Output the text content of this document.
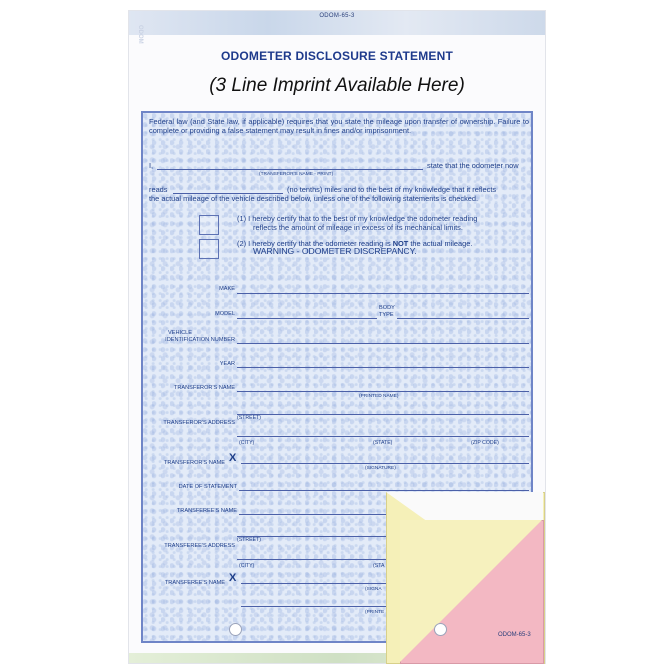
ODOM-65-3
ODOM
ODOMETER DISCLOSURE STATEMENT
(3 Line Imprint Available Here)
Federal law (and State law, if applicable) requires that you state the mileage upon transfer of ownership. Failure to complete or providing a false statement may result in fines and/or imprisonment.
I,
(TRANSFEROR'S NAME - PRINT)
state that the odometer now
reads	(no tenths) miles and to the best of my knowledge that it reflects
the actual mileage of the vehicle described below, unless one of the following statements is checked.
(1) I hereby certify that to the best of my knowledge the odometer reading
reflects the amount of mileage in excess of its mechanical limits.
(2) I hereby certify that the odometer reading is NOT the actual mileage.
WARNING - ODOMETER DISCREPANCY.
MAKE
MODEL
BODY
TYPE
VEHICLE
IDENTIFICATION NUMBER
YEAR
TRANSFEROR'S NAME
(PRINTED NAME)
TRANSFEROR'S ADDRESS
(STREET)
(CITY)	(STATE)	(ZIP CODE)
TRANSFEROR'S NAME X
(SIGNATURE)
DATE OF STATEMENT
TRANSFEREE'S NAME
TRANSFEREE'S ADDRESS
(STREET)
(CITY)	(STA
TRANSFEREE'S NAME X
(SIGNA
(PRINTE
ODOM-65-3
